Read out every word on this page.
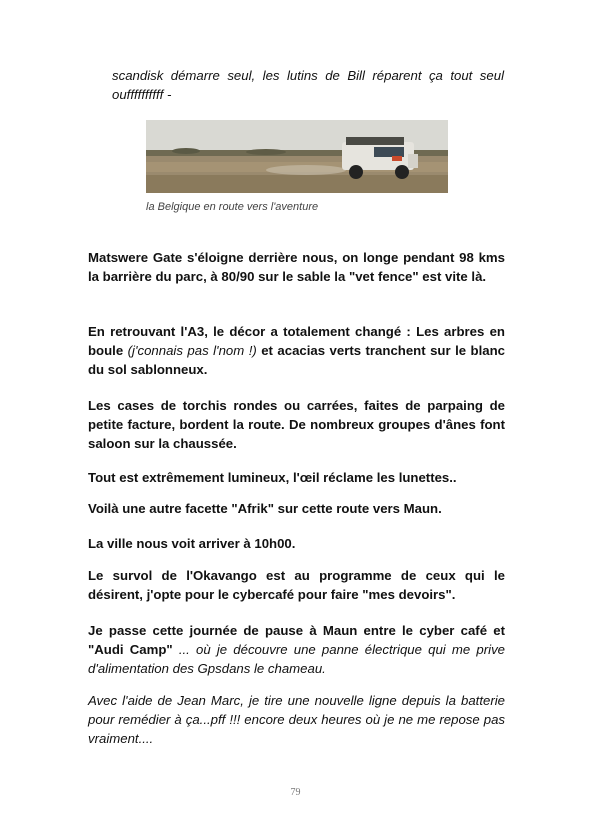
scandisk démarre seul, les lutins de Bill réparent ça tout seul ouffffffffff -

la Belgique en route vers l'aventure

Matswere Gate s'éloigne derrière nous, on longe pendant 98 kms la barrière du parc, à 80/90 sur le sable la "vet fence" est vite là.

En retrouvant l'A3, le décor a totalement changé : Les arbres en boule (j'connais pas l'nom !) et acacias verts tranchent sur le blanc du sol sablonneux.

Les cases de torchis rondes ou carrées, faites de parpaing de petite facture, bordent la route. De nombreux groupes d'ânes font saloon sur la chaussée.

Tout est extrêmement lumineux, l'œil réclame les lunettes..

Voilà une autre facette "Afrik" sur cette route vers Maun.

La ville nous voit arriver à 10h00.

Le survol de l'Okavango est au programme de ceux qui le désirent, j'opte pour le cybercafé pour faire "mes devoirs".

Je passe cette journée de pause à Maun entre le cyber café et "Audi Camp" ... où je découvre une panne électrique qui me prive d'alimentation des Gpsdans le chameau.

Avec l'aide de Jean Marc, je tire une nouvelle ligne depuis la batterie pour remédier à ça...pff !!! encore deux heures où je ne me repose pas vraiment....

79
